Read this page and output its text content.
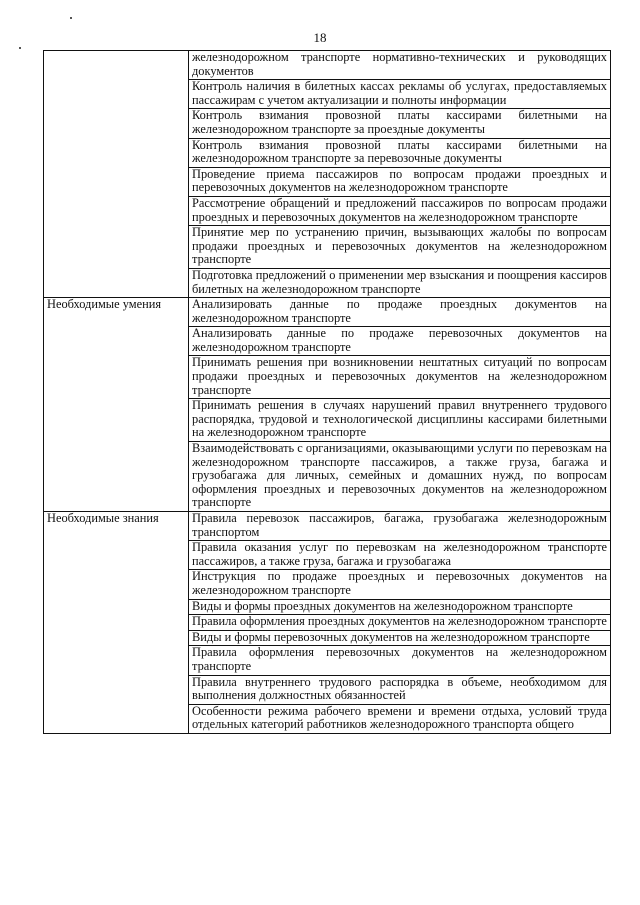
18
	железнодорожном транспорте нормативно-технических и руководящих документов
	Контроль наличия в билетных кассах рекламы об услугах, предоставляемых пассажирам с учетом актуализации и полноты информации
	Контроль взимания провозной платы кассирами билетными на железнодорожном транспорте за проездные документы
	Контроль взимания провозной платы кассирами билетными на железнодорожном транспорте за перевозочные документы
	Проведение приема пассажиров по вопросам продажи проездных и перевозочных документов на железнодорожном транспорте
	Рассмотрение обращений и предложений пассажиров по вопросам продажи проездных и перевозочных документов на железнодорожном транспорте
	Принятие мер по устранению причин, вызывающих жалобы по вопросам продажи проездных и перевозочных документов на железнодорожном транспорте
	Подготовка предложений о применении мер взыскания и поощрения кассиров билетных на железнодорожном транспорте
Необходимые умения	Анализировать данные по продаже проездных документов на железнодорожном транспорте
	Анализировать данные по продаже перевозочных документов на железнодорожном транспорте
	Принимать решения при возникновении нештатных ситуаций по вопросам продажи проездных и перевозочных документов на железнодорожном транспорте
	Принимать решения в случаях нарушений правил внутреннего трудового распорядка, трудовой и технологической дисциплины кассирами билетными на железнодорожном транспорте
	Взаимодействовать с организациями, оказывающими услуги по перевозкам на железнодорожном транспорте пассажиров, а также груза, багажа и грузобагажа для личных, семейных и домашних нужд, по вопросам оформления проездных и перевозочных документов на железнодорожном транспорте
Необходимые знания	Правила перевозок пассажиров, багажа, грузобагажа железнодорожным транспортом
	Правила оказания услуг по перевозкам на железнодорожном транспорте пассажиров, а также груза, багажа и грузобагажа
	Инструкция по продаже проездных и перевозочных документов на железнодорожном транспорте
	Виды и формы проездных документов на железнодорожном транспорте
	Правила оформления проездных документов на железнодорожном транспорте
	Виды и формы перевозочных документов на железнодорожном транспорте
	Правила оформления перевозочных документов на железнодорожном транспорте
	Правила внутреннего трудового распорядка в объеме, необходимом для выполнения должностных обязанностей
	Особенности режима рабочего времени и времени отдыха, условий труда отдельных категорий работников железнодорожного транспорта общего
